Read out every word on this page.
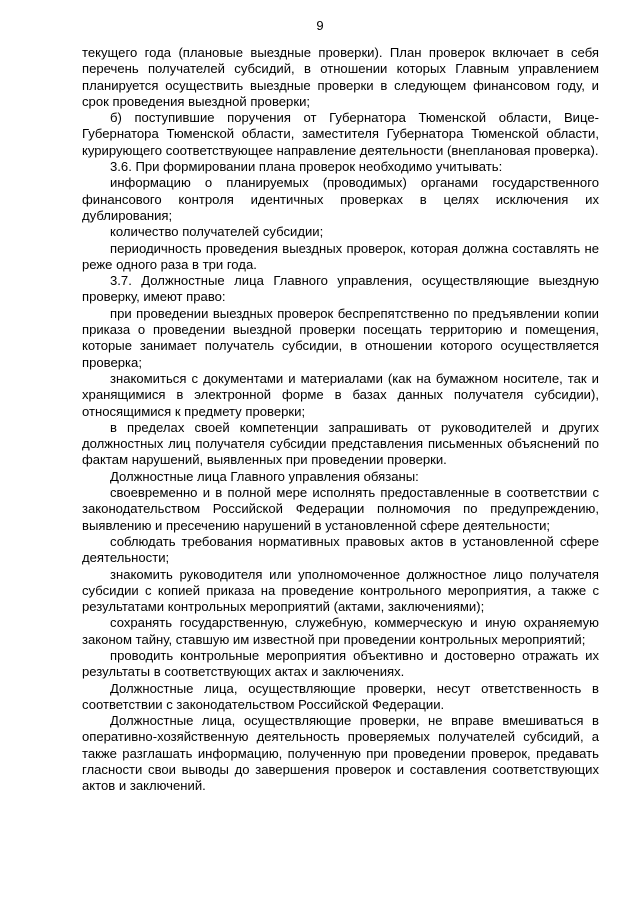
9

текущего года (плановые выездные проверки). План проверок включает в себя перечень получателей субсидий, в отношении которых Главным управлением планируется осуществить выездные проверки в следующем финансовом году, и срок проведения выездной проверки;

б) поступившие поручения от Губернатора Тюменской области, Вице-Губернатора Тюменской области, заместителя Губернатора Тюменской области, курирующего соответствующее направление деятельности (внеплановая проверка).

3.6. При формировании плана проверок необходимо учитывать:

информацию о планируемых (проводимых) органами государственного финансового контроля идентичных проверках в целях исключения их дублирования;

количество получателей субсидии;

периодичность проведения выездных проверок, которая должна составлять не реже одного раза в три года.

3.7. Должностные лица Главного управления, осуществляющие выездную проверку, имеют право:

при проведении выездных проверок беспрепятственно по предъявлении копии приказа о проведении выездной проверки посещать территорию и помещения, которые занимает получатель субсидии, в отношении которого осуществляется проверка;

знакомиться с документами и материалами (как на бумажном носителе, так и хранящимися в электронной форме в базах данных получателя субсидии), относящимися к предмету проверки;

в пределах своей компетенции запрашивать от руководителей и других должностных лиц получателя субсидии представления письменных объяснений по фактам нарушений, выявленных при проведении проверки.

Должностные лица Главного управления обязаны:

своевременно и в полной мере исполнять предоставленные в соответствии с законодательством Российской Федерации полномочия по предупреждению, выявлению и пресечению нарушений в установленной сфере деятельности;

соблюдать требования нормативных правовых актов в установленной сфере деятельности;

знакомить руководителя или уполномоченное должностное лицо получателя субсидии с копией приказа на проведение контрольного мероприятия, а также с результатами контрольных мероприятий (актами, заключениями);

сохранять государственную, служебную, коммерческую и иную охраняемую законом тайну, ставшую им известной при проведении контрольных мероприятий;

проводить контрольные мероприятия объективно и достоверно отражать их результаты в соответствующих актах и заключениях.

Должностные лица, осуществляющие проверки, несут ответственность в соответствии с законодательством Российской Федерации.

Должностные лица, осуществляющие проверки, не вправе вмешиваться в оперативно-хозяйственную деятельность проверяемых получателей субсидий, а также разглашать информацию, полученную при проведении проверок, предавать гласности свои выводы до завершения проверок и составления соответствующих актов и заключений.
